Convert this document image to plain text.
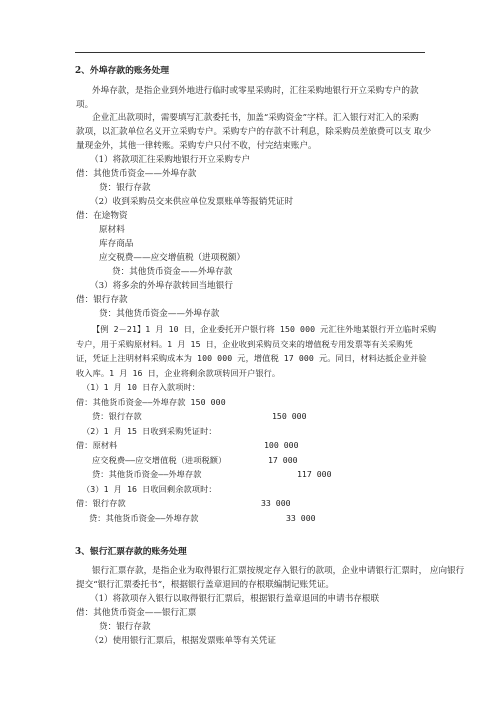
2、外埠存款的账务处理
外埠存款，是指企业到外地进行临时或零星采购时，汇往采购地银行开立采购专户的款
项。
企业汇出款项时，需要填写汇款委托书，加盖“采购资金”字样。汇入银行对汇入的采购
款项，以汇款单位名义开立采购专户。采购专户的存款不计利息，除采购员差旅费可以支 取少
量现金外，其他一律转账。采购专户只付不收，付完结束账户。
（1）将款项汇往采购地银行开立采购专户
借：其他货币资金——外埠存款
贷：银行存款
（2）收到采购员交来供应单位发票账单等报销凭证时
借：在途物资
原材料
库存商品
应交税费——应交增值税（进项税额）
贷：其他货币资金——外埠存款
（3）将多余的外埠存款转回当地银行
借：银行存款
贷：其他货币资金——外埠存款
【例 2－21】1 月 10 日，企业委托开户银行将 150 000 元汇往外地某银行开立临时采购
专户，用于采购原材料。1 月 15 日，企业收到采购员交来的增值税专用发票等有关采购凭
证，凭证上注明材料采购成本为 100 000 元，增值税 17 000 元。同日，材料达抵企业并验
收入库。1 月 16 日，企业将剩余款项转回开户银行。
（1）1 月 10 日存入款项时：
借：其他货币资金——外埠存款 150 000
贷：银行存款	150 000
（2）1 月 15 日收到采购凭证时：
借：原材料	100 000
应交税费——应交增值税（进项税额）	17 000
贷：其他货币资金——外埠存款	117 000
（3）1 月 16 日收回剩余款项时：
借：银行存款	33 000
贷：其他货币资金——外埠存款	33 000
3、银行汇票存款的账务处理
银行汇票存款，是指企业为取得银行汇票按规定存入银行的款项，企业申请银行汇票时， 应向银行
提交“银行汇票委托书”，根据银行盖章退回的存根联编制记账凭证。
（1）将款项存入银行以取得银行汇票后，根据银行盖章退回的申请书存根联
借：其他货币资金——银行汇票
贷：银行存款
（2）使用银行汇票后，根据发票账单等有关凭证
